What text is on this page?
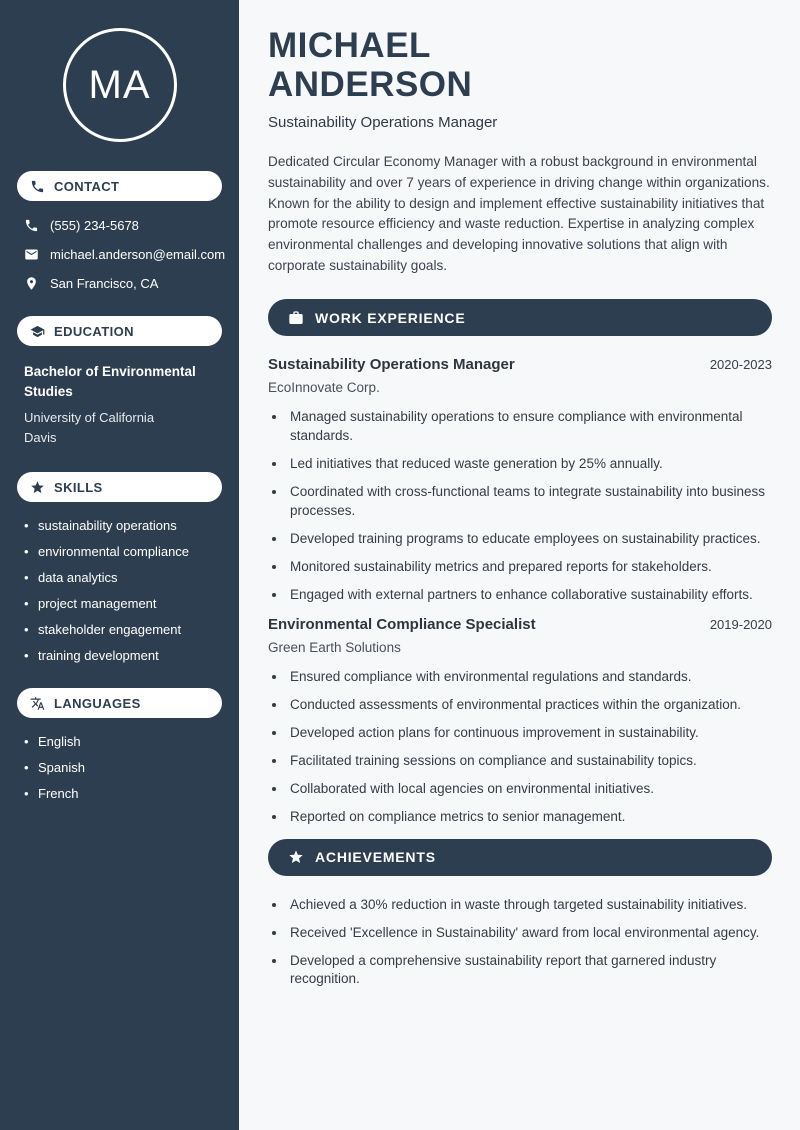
MA
CONTACT
(555) 234-5678
michael.anderson@email.com
San Francisco, CA
EDUCATION
Bachelor of Environmental Studies
University of California Davis
SKILLS
• sustainability operations
• environmental compliance
• data analytics
• project management
• stakeholder engagement
• training development
LANGUAGES
• English
• Spanish
• French
MICHAEL
ANDERSON
Sustainability Operations Manager

Dedicated Circular Economy Manager with a robust background in environmental sustainability and over 7 years of experience in driving change within organizations. Known for the ability to design and implement effective sustainability initiatives that promote resource efficiency and waste reduction. Expertise in analyzing complex environmental challenges and developing innovative solutions that align with corporate sustainability goals.

WORK EXPERIENCE
Sustainability Operations Manager	2020-2023
EcoInnovate Corp.
• Managed sustainability operations to ensure compliance with environmental standards.
• Led initiatives that reduced waste generation by 25% annually.
• Coordinated with cross-functional teams to integrate sustainability into business processes.
• Developed training programs to educate employees on sustainability practices.
• Monitored sustainability metrics and prepared reports for stakeholders.
• Engaged with external partners to enhance collaborative sustainability efforts.
Environmental Compliance Specialist	2019-2020
Green Earth Solutions
• Ensured compliance with environmental regulations and standards.
• Conducted assessments of environmental practices within the organization.
• Developed action plans for continuous improvement in sustainability.
• Facilitated training sessions on compliance and sustainability topics.
• Collaborated with local agencies on environmental initiatives.
• Reported on compliance metrics to senior management.
ACHIEVEMENTS
• Achieved a 30% reduction in waste through targeted sustainability initiatives.
• Received 'Excellence in Sustainability' award from local environmental agency.
• Developed a comprehensive sustainability report that garnered industry recognition.
